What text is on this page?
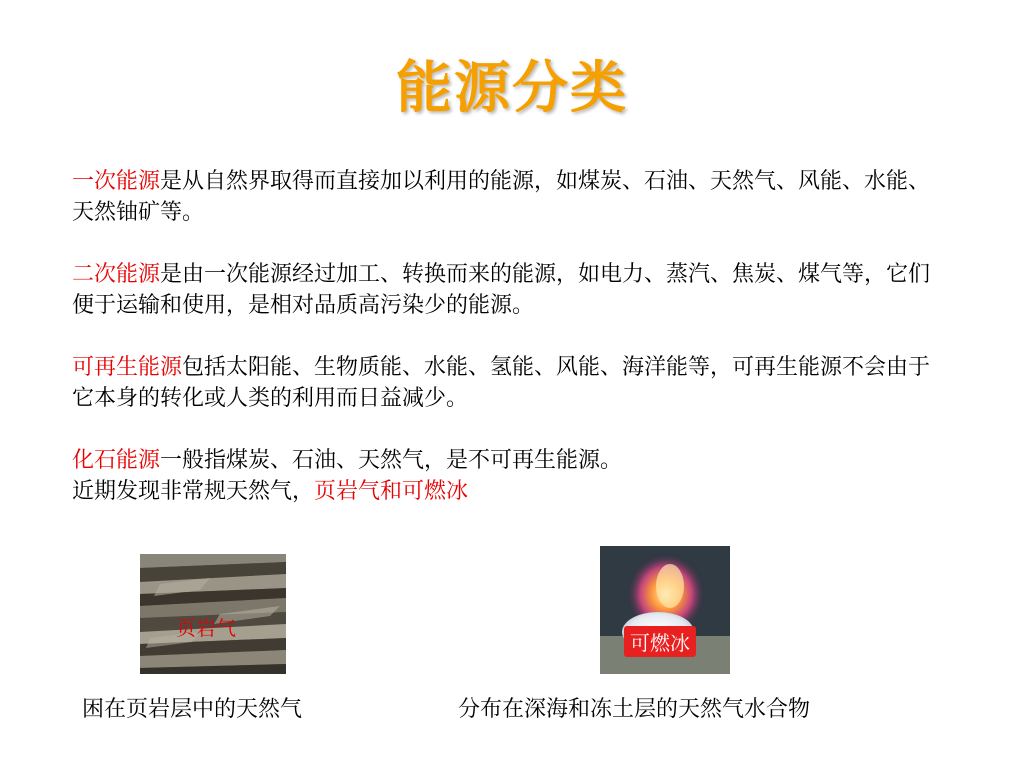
能源分类

一次能源是从自然界取得而直接加以利用的能源，如煤炭、石油、天然气、风能、水能、天然铀矿等。

二次能源是由一次能源经过加工、转换而来的能源，如电力、蒸汽、焦炭、煤气等，它们便于运输和使用，是相对品质高污染少的能源。

可再生能源包括太阳能、生物质能、水能、氢能、风能、海洋能等，可再生能源不会由于它本身的转化或人类的利用而日益减少。

化石能源一般指煤炭、石油、天然气，是不可再生能源。

近期发现非常规天然气，页岩气和可燃冰

页岩气
可燃冰
困在页岩层中的天然气	分布在深海和冻土层的天然气水合物
